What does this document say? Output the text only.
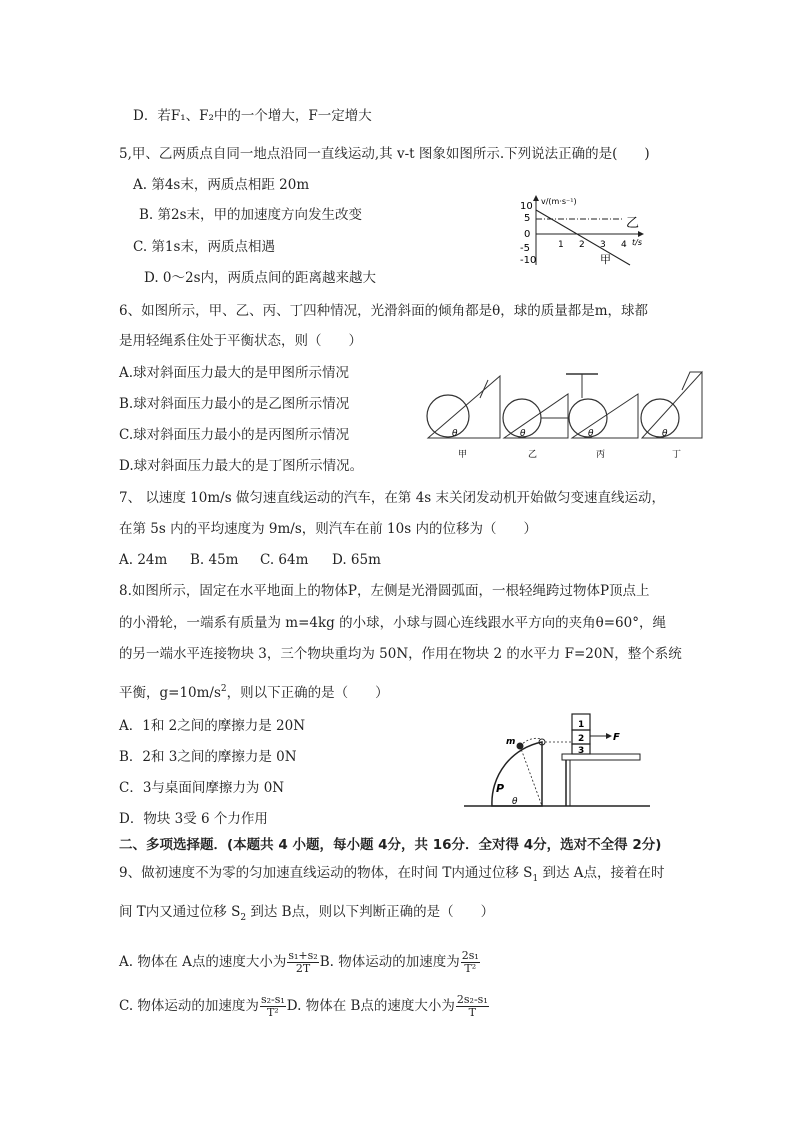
D．若F₁、F₂中的一个增大，F一定增大
5,甲、乙两质点自同一地点沿同一直线运动,其 v-t 图象如图所示.下列说法正确的是(　　)
A. 第4s末，两质点相距 20m
B. 第2s末，甲的加速度方向发生改变
C. 第1s末，两质点相遇
D. 0～2s内，两质点间的距离越来越大
v/(m·s⁻¹)
t/s
10
5
0
-5
-10
1 2 3 4
乙
甲
6、如图所示，甲、乙、丙、丁四种情况，光滑斜面的倾角都是θ，球的质量都是m，球都
是用轻绳系住处于平衡状态，则（　　）
A.球对斜面压力最大的是甲图所示情况
B.球对斜面压力最小的是乙图所示情况
C.球对斜面压力最小的是丙图所示情况
D.球对斜面压力最大的是丁图所示情况。
θ
甲
θ
乙
θ
丙
θ
丁
7、 以速度 10m/s 做匀速直线运动的汽车，在第 4s 末关闭发动机开始做匀变速直线运动，
在第 5s 内的平均速度为 9m/s，则汽车在前 10s 内的位移为（　　）
A. 24m B. 45m C. 64m D. 65m
8.如图所示，固定在水平地面上的物体P，左侧是光滑圆弧面，一根轻绳跨过物体P顶点上
的小滑轮，一端系有质量为 m=4kg 的小球，小球与圆心连线跟水平方向的夹角θ=60°，绳
的另一端水平连接物块 3，三个物块重均为 50N，作用在物块 2 的水平力 F=20N，整个系统
平衡，$g=10m/s^2$，则以下正确的是（　　）
A．1和 2之间的摩擦力是 20N
B．2和 3之间的摩擦力是 0N
C．3与桌面间摩擦力为 0N
D．物块 3受 6 个力作用
P
m
θ
1
2
3
F
二、多项选择题．(本题共 4 小题，每小题 4分，共 16分．全对得 4分，选对不全得 2分)
9、做初速度不为零的匀加速直线运动的物体，在时间 T内通过位移 $S_1$ 到达 A点，接着在时
间 T内又通过位移 $S_2$ 到达 B点，则以下判断正确的是（　　）
A. 物体在 A点的速度大小为 $\frac{\text{s₁+s₂}}{2T} B$. 物体运动的加速度为 $\frac{\text{2s₁}}{\text{T²}}$
C. 物体运动的加速度为 $\frac{\text{s₂-s₁}}{\text{T²}} D$. 物体在 B点的速度大小为 $\frac{\text{2s₂-s₁}}{T}$
